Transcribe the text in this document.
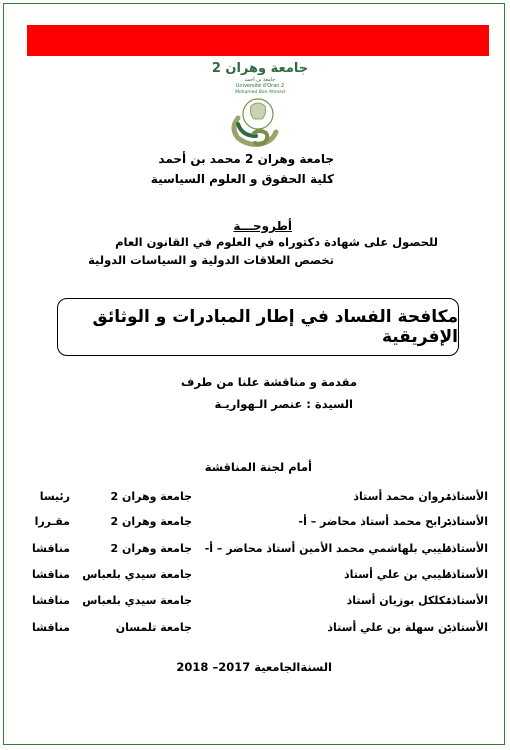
جامعة وهران 2
جامعة بن أحمد
Université d'Oran 2
Mohamed Ben Ahmed
جامعة وهران 2 محمد بن أحمد
كلية الحقوق و العلوم السياسية
أطروحـــة
للحصول على شهادة دكتوراه في العلوم في القانون العام
تخصص العلاقات الدولية و السياسات الدولية
مكافحة الفساد في إطار المبادرات و الوثائق الإفريقية
مقدمة و مناقشة علنا من طرف
السيدة : عنصر الـهواريـة
أمام لجنة المناقشة
الأستاذ:
مروان محمد أستاذ
جامعة وهران 2
رئيسا
الأستاذ:
برابح محمد أستاذ محاضر – أ-
جامعة وهران 2
مقـررا
الأستاذ:
طيبي بلهاشمي محمد الأمين أستاذ محاضر – أ-
جامعة وهران 2
مناقشا
الأستاذ:
طيبي بن علي أستاذ
جامعة سيدي بلعباس
مناقشا
الأستاذ:
مكلكل بوزيان أستاذ
جامعة سيدي بلعباس
مناقشا
الأستاذ:
بن سهلة بن علي أستاذ
جامعة تلمسان
مناقشا
السنةالجامعية 2017– 2018
